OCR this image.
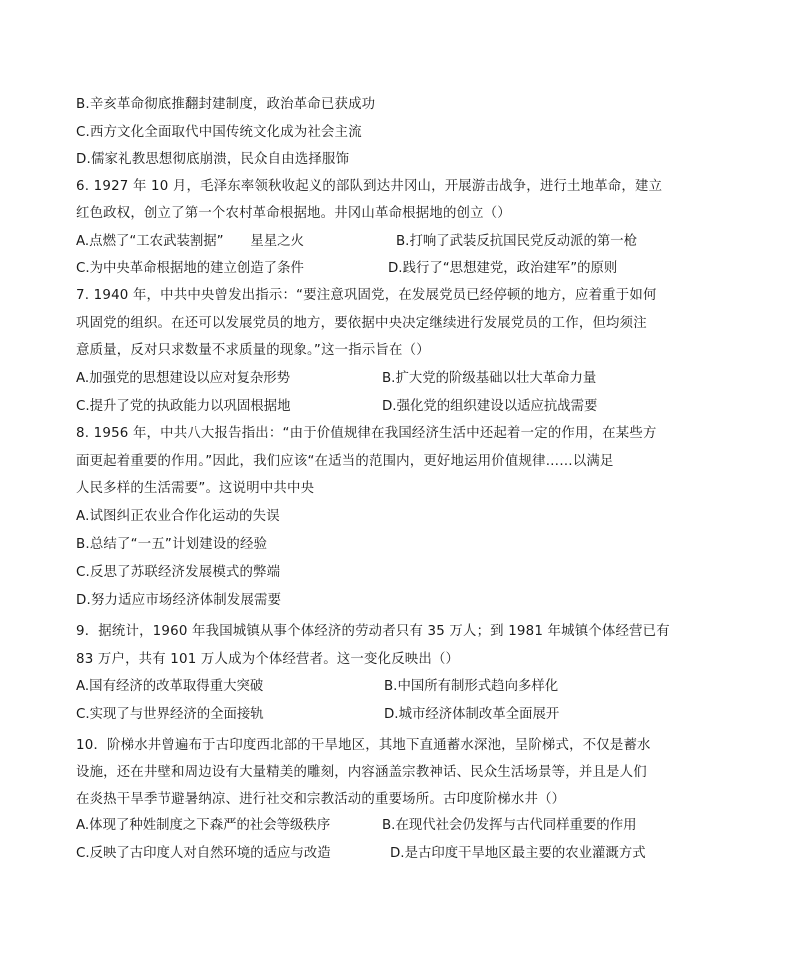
B.辛亥革命彻底推翻封建制度，政治革命已获成功
C.西方文化全面取代中国传统文化成为社会主流
D.儒家礼教思想彻底崩溃，民众自由选择服饰
6. 1927 年 10 月，毛泽东率领秋收起义的部队到达井冈山，开展游击战争，进行土地革命，建立
红色政权，创立了第一个农村革命根据地。井冈山革命根据地的创立（）
A.点燃了“工农武装割据”　　星星之火	B.打响了武装反抗国民党反动派的第一枪
C.为中央革命根据地的建立创造了条件	D.践行了“思想建党，政治建军”的原则
7. 1940 年，中共中央曾发出指示：“要注意巩固党，在发展党员已经停顿的地方，应着重于如何
巩固党的组织。在还可以发展党员的地方，要依据中央决定继续进行发展党员的工作，但均须注
意质量，反对只求数量不求质量的现象。”这一指示旨在（）
A.加强党的思想建设以应对复杂形势	B.扩大党的阶级基础以壮大革命力量
C.提升了党的执政能力以巩固根据地	D.强化党的组织建设以适应抗战需要
8. 1956 年，中共八大报告指出：“由于价值规律在我国经济生活中还起着一定的作用，在某些方
面更起着重要的作用。”因此，我们应该“在适当的范围内，更好地运用价值规律……以满足
人民多样的生活需要”。这说明中共中央
A.试图纠正农业合作化运动的失误
B.总结了“一五”计划建设的经验
C.反思了苏联经济发展模式的弊端
D.努力适应市场经济体制发展需要
9．据统计，1960 年我国城镇从事个体经济的劳动者只有 35 万人；到 1981 年城镇个体经营已有
83 万户，共有 101 万人成为个体经营者。这一变化反映出（）
A.国有经济的改革取得重大突破	B.中国所有制形式趋向多样化
C.实现了与世界经济的全面接轨	D.城市经济体制改革全面展开
10．阶梯水井曾遍布于古印度西北部的干旱地区，其地下直通蓄水深池，呈阶梯式，不仅是蓄水
设施，还在井壁和周边设有大量精美的雕刻，内容涵盖宗教神话、民众生活场景等，并且是人们
在炎热干旱季节避暑纳凉、进行社交和宗教活动的重要场所。古印度阶梯水井（）
A.体现了种姓制度之下森严的社会等级秩序	B.在现代社会仍发挥与古代同样重要的作用
C.反映了古印度人对自然环境的适应与改造	D.是古印度干旱地区最主要的农业灌溉方式
